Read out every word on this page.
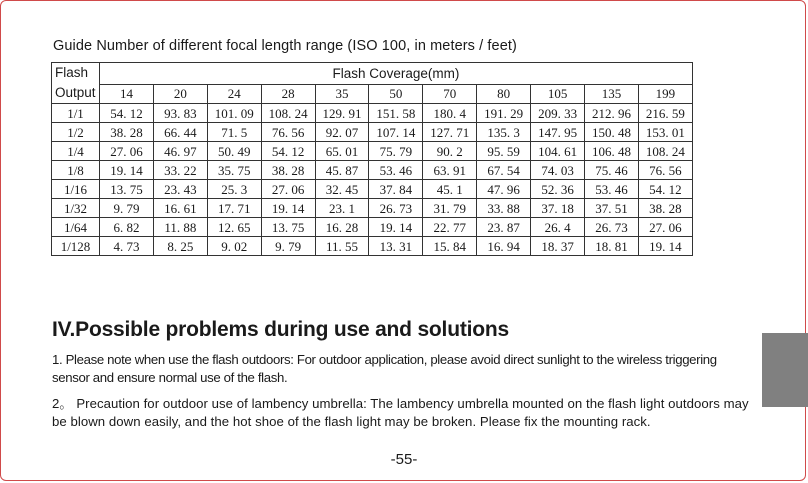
Guide Number of different focal length range (ISO 100, in meters / feet)
Flash
Output	Flash Coverage(mm)										
	14	20	24	28	35	50	70	80	105	135	199
1/1	54. 12	93. 83	101. 09	108. 24	129. 91	151. 58	180. 4	191. 29	209. 33	212. 96	216. 59
1/2	38. 28	66. 44	71. 5	76. 56	92. 07	107. 14	127. 71	135. 3	147. 95	150. 48	153. 01
1/4	27. 06	46. 97	50. 49	54. 12	65. 01	75. 79	90. 2	95. 59	104. 61	106. 48	108. 24
1/8	19. 14	33. 22	35. 75	38. 28	45. 87	53. 46	63. 91	67. 54	74. 03	75. 46	76. 56
1/16	13. 75	23. 43	25. 3	27. 06	32. 45	37. 84	45. 1	47. 96	52. 36	53. 46	54. 12
1/32	9. 79	16. 61	17. 71	19. 14	23. 1	26. 73	31. 79	33. 88	37. 18	37. 51	38. 28
1/64	6. 82	11. 88	12. 65	13. 75	16. 28	19. 14	22. 77	23. 87	26. 4	26. 73	27. 06
1/128	4. 73	8. 25	9. 02	9. 79	11. 55	13. 31	15. 84	16. 94	18. 37	18. 81	19. 14
IV.Possible problems during use and solutions
1. Please note when use the flash outdoors: For outdoor application, please avoid direct sunlight to the wireless triggering sensor and ensure normal use of the flash.
2。 Precaution for outdoor use of lambency umbrella: The lambency umbrella mounted on the flash light outdoors may be blown down easily, and the hot shoe of the flash light may be broken. Please fix the mounting rack.
-55-
